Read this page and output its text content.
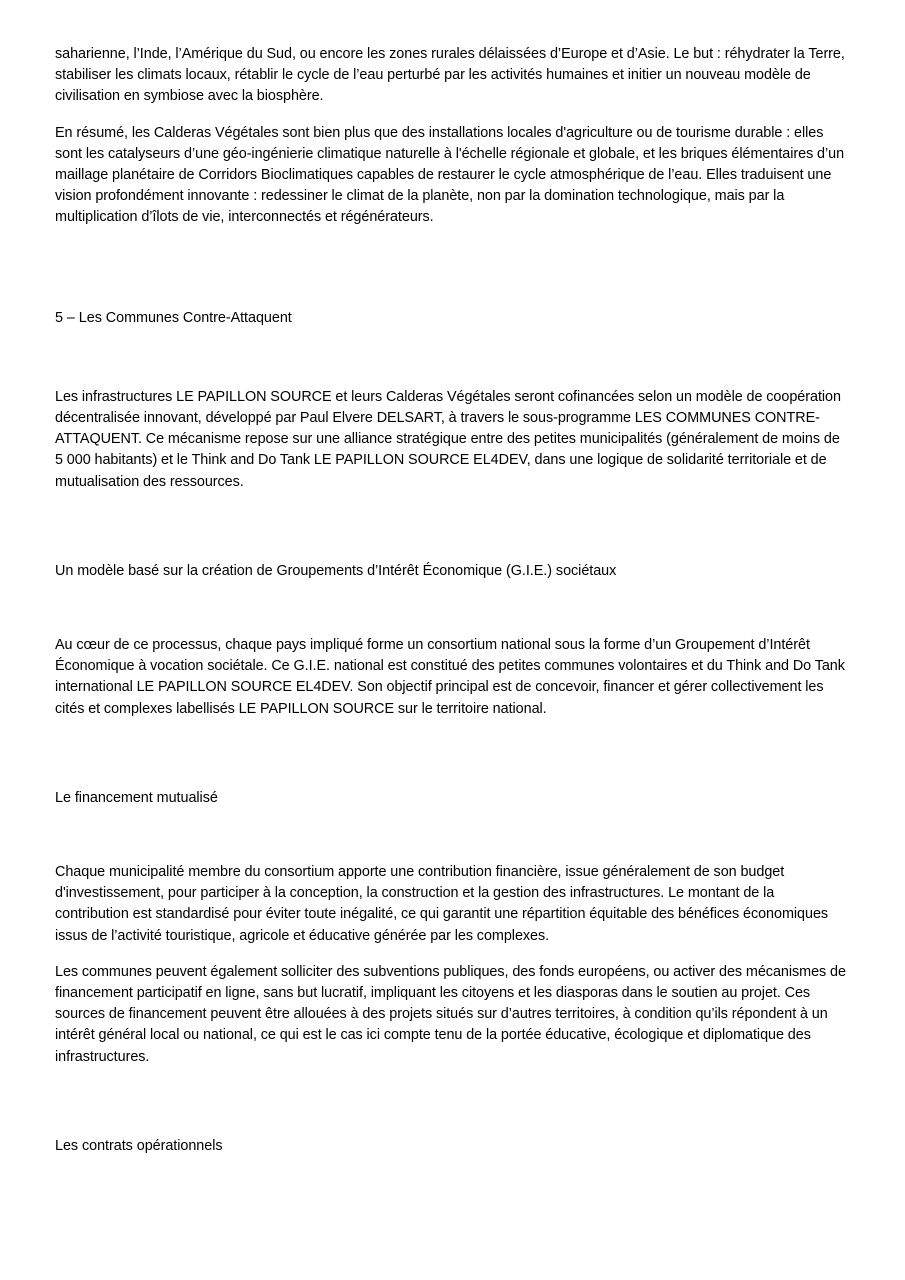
saharienne, l’Inde, l’Amérique du Sud, ou encore les zones rurales délaissées d’Europe et d’Asie. Le but : réhydrater la Terre, stabiliser les climats locaux, rétablir le cycle de l’eau perturbé par les activités humaines et initier un nouveau modèle de civilisation en symbiose avec la biosphère.

En résumé, les Calderas Végétales sont bien plus que des installations locales d'agriculture ou de tourisme durable : elles sont les catalyseurs d’une géo-ingénierie climatique naturelle à l'échelle régionale et globale, et les briques élémentaires d’un maillage planétaire de Corridors Bioclimatiques capables de restaurer le cycle atmosphérique de l’eau. Elles traduisent une vision profondément innovante : redessiner le climat de la planète, non par la domination technologique, mais par la multiplication d’îlots de vie, interconnectés et régénérateurs.

5 – Les Communes Contre-Attaquent

Les infrastructures LE PAPILLON SOURCE et leurs Calderas Végétales seront cofinancées selon un modèle de coopération décentralisée innovant, développé par Paul Elvere DELSART, à travers le sous-programme LES COMMUNES CONTRE-ATTAQUENT. Ce mécanisme repose sur une alliance stratégique entre des petites municipalités (généralement de moins de 5 000 habitants) et le Think and Do Tank LE PAPILLON SOURCE EL4DEV, dans une logique de solidarité territoriale et de mutualisation des ressources.

Un modèle basé sur la création de Groupements d’Intérêt Économique (G.I.E.) sociétaux

Au cœur de ce processus, chaque pays impliqué forme un consortium national sous la forme d’un Groupement d’Intérêt Économique à vocation sociétale. Ce G.I.E. national est constitué des petites communes volontaires et du Think and Do Tank international LE PAPILLON SOURCE EL4DEV. Son objectif principal est de concevoir, financer et gérer collectivement les cités et complexes labellisés LE PAPILLON SOURCE sur le territoire national.

Le financement mutualisé

Chaque municipalité membre du consortium apporte une contribution financière, issue généralement de son budget d'investissement, pour participer à la conception, la construction et la gestion des infrastructures. Le montant de la contribution est standardisé pour éviter toute inégalité, ce qui garantit une répartition équitable des bénéfices économiques issus de l’activité touristique, agricole et éducative générée par les complexes.

Les communes peuvent également solliciter des subventions publiques, des fonds européens, ou activer des mécanismes de financement participatif en ligne, sans but lucratif, impliquant les citoyens et les diasporas dans le soutien au projet. Ces sources de financement peuvent être allouées à des projets situés sur d’autres territoires, à condition qu’ils répondent à un intérêt général local ou national, ce qui est le cas ici compte tenu de la portée éducative, écologique et diplomatique des infrastructures.

Les contrats opérationnels
